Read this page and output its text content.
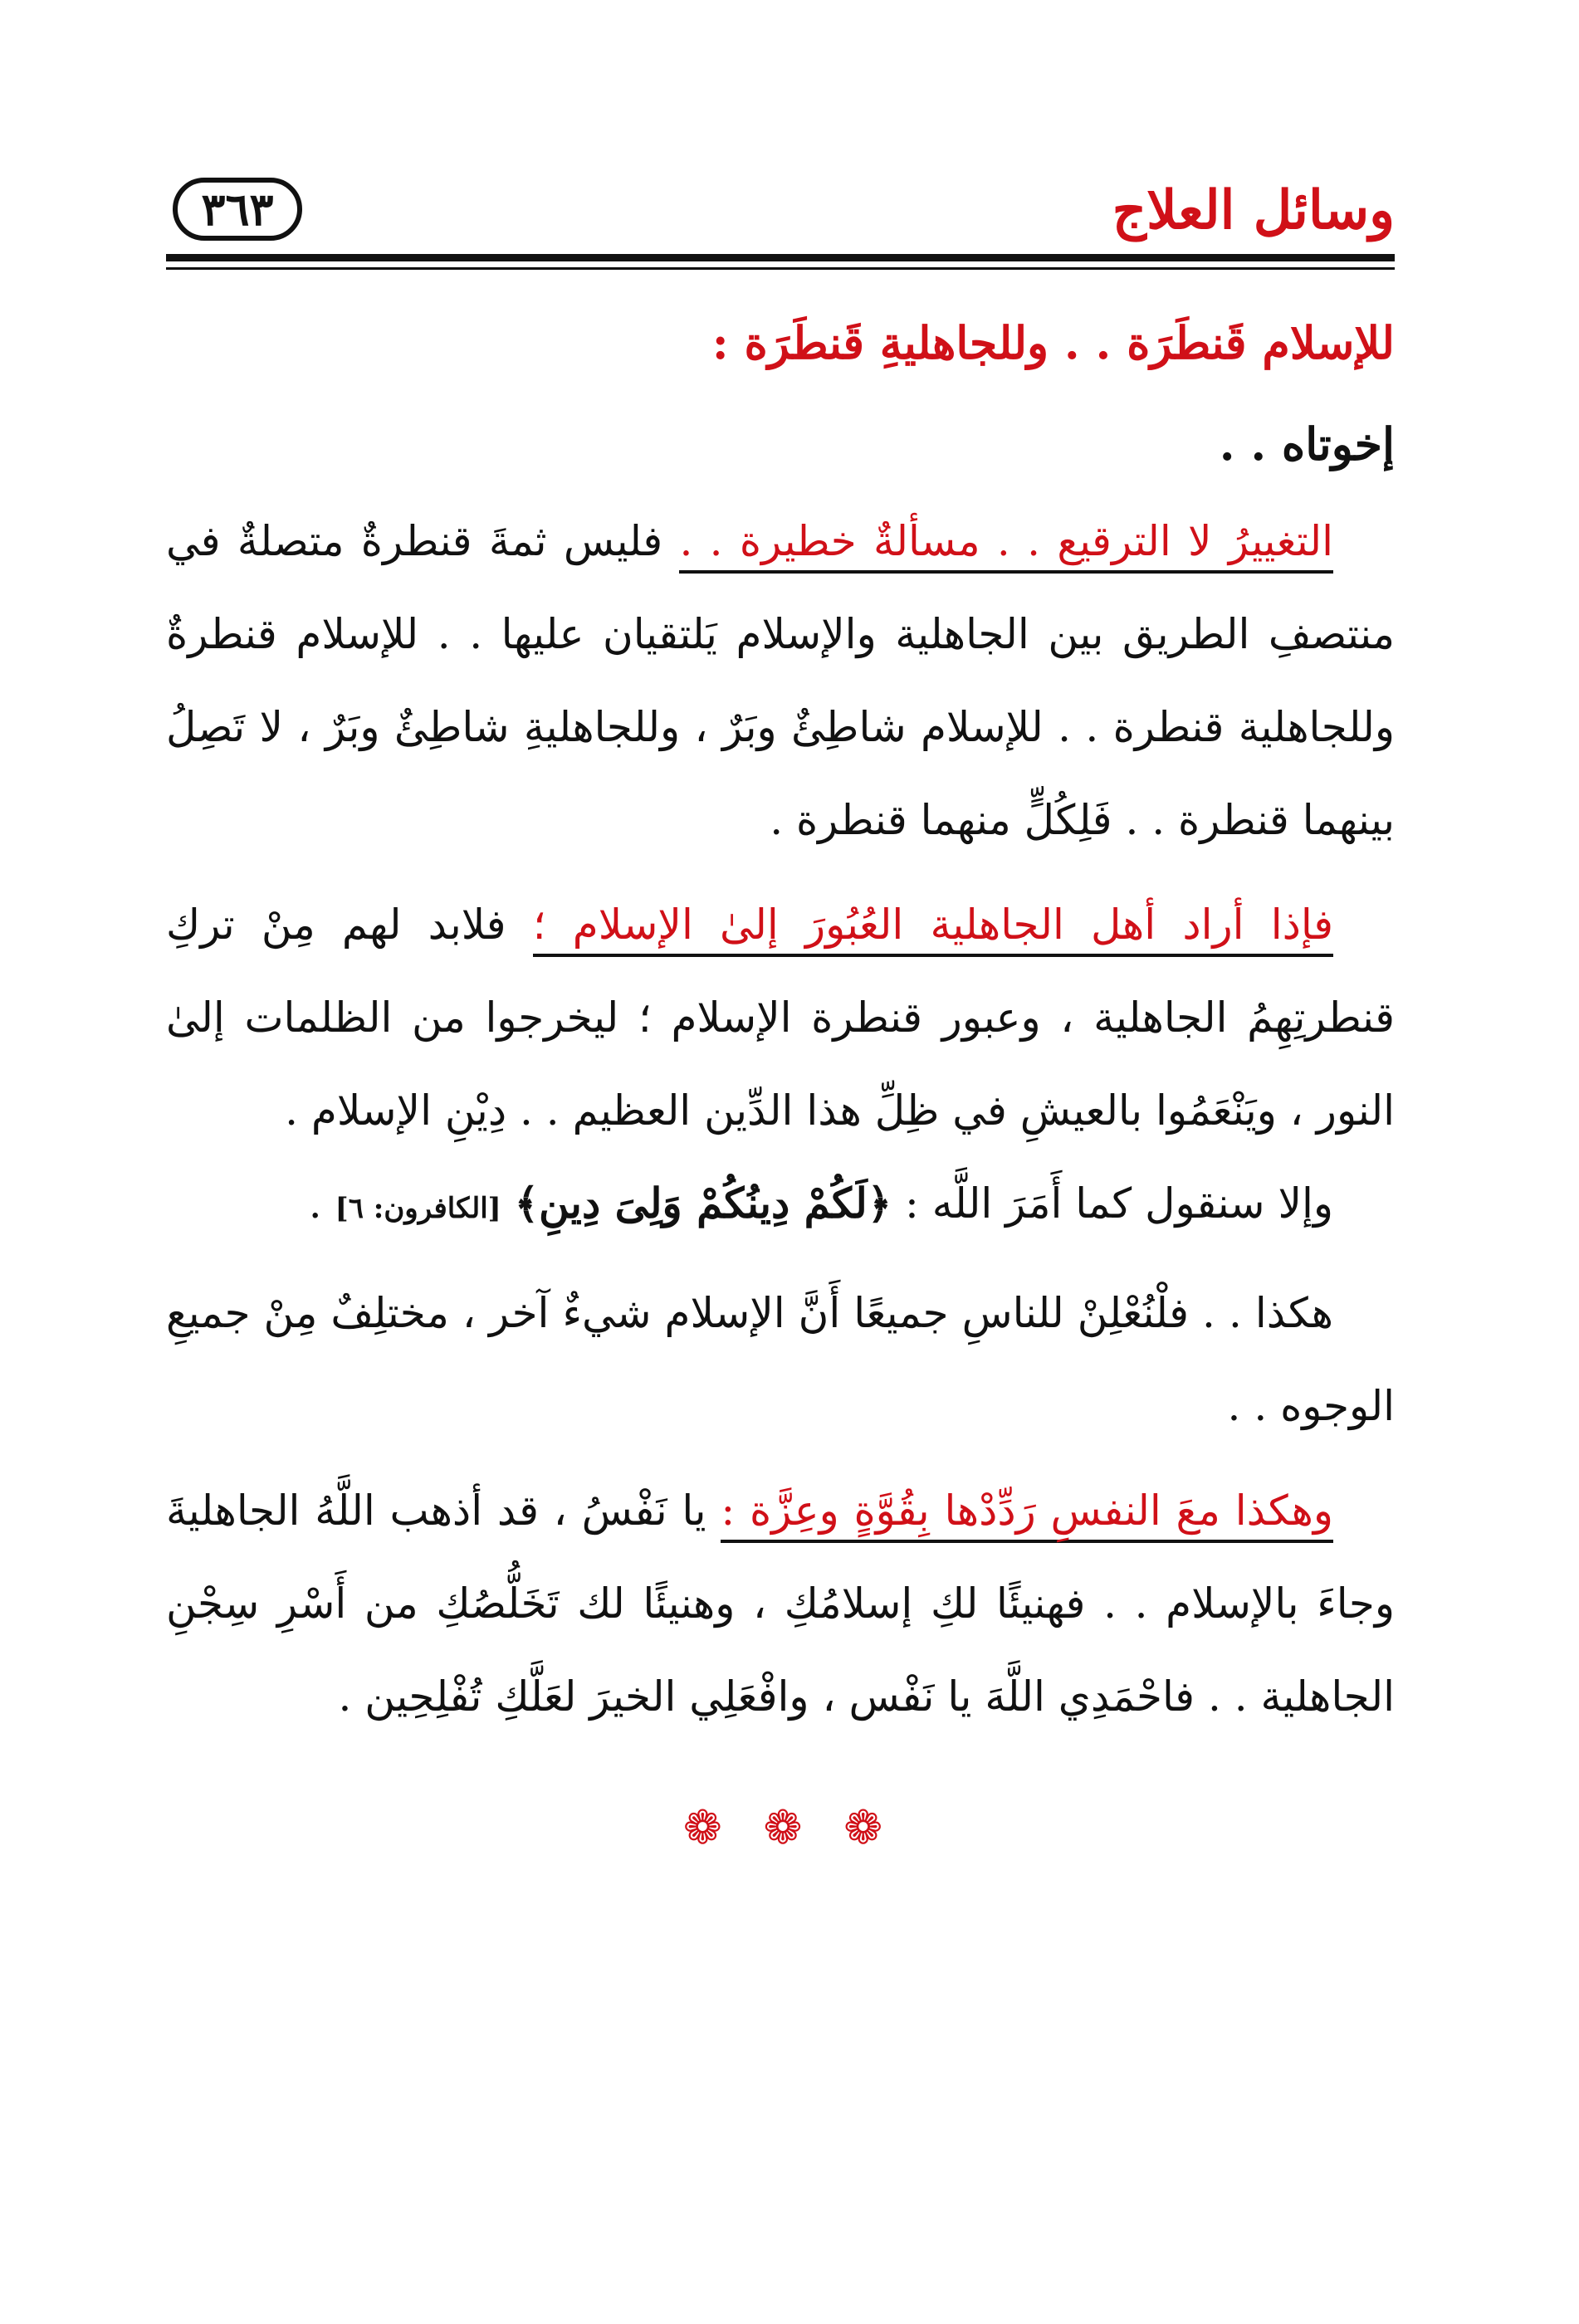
وسائل العلاج
٣٦٣

للإسلام قَنطَرَة . . وللجاهليةِ قَنطَرَة :

إخوتاه . .

التغييرُ لا الترقيع . . مسألةٌ خطيرة . . فليس ثمةَ قنطرةٌ متصلةٌ في منتصفِ الطريق بين الجاهلية والإسلام يَلتقيان عليها . . للإسلام قنطرةٌ وللجاهلية قنطرة . . للإسلام شاطِئٌ وبَرٌ ، وللجاهليةِ شاطِئٌ وبَرٌ ، لا تَصِلُ بينهما قنطرة . . فَلِكُلٍّ منهما قنطرة .

فإذا أراد أهل الجاهلية العُبُورَ إلىٰ الإسلام ؛ فلابد لهم مِنْ تركِ قنطرتِهِمُ الجاهلية ، وعبور قنطرة الإسلام ؛ ليخرجوا من الظلمات إلىٰ النور ، ويَنْعَمُوا بالعيشِ في ظِلِّ هذا الدِّين العظيم . . دِيْنِ الإسلام .

وإلا سنقول كما أَمَرَ اللَّه : ﴿لَكُمْ دِينُكُمْ وَلِىَ دِينِ﴾ [الكافرون: ٦] .

هكذا . . فلْنُعْلِنْ للناسِ جميعًا أَنَّ الإسلام شيءٌ آخر ، مختلِفٌ مِنْ جميعِ الوجوه . .

وهكذا معَ النفسِ رَدِّدْها بِقُوَّةٍ وعِزَّة : يا نَفْسُ ، قد أذهب اللَّهُ الجاهليةَ وجاءَ بالإسلام . . فهنيئًا لكِ إسلامُكِ ، وهنيئًا لك تَخَلُّصُكِ من أَسْرِ سِجْنِ الجاهلية . . فاحْمَدِي اللَّهَ يا نَفْس ، وافْعَلِي الخيرَ لعَلَّكِ تُفْلِحِين .

❁ ❁ ❁
